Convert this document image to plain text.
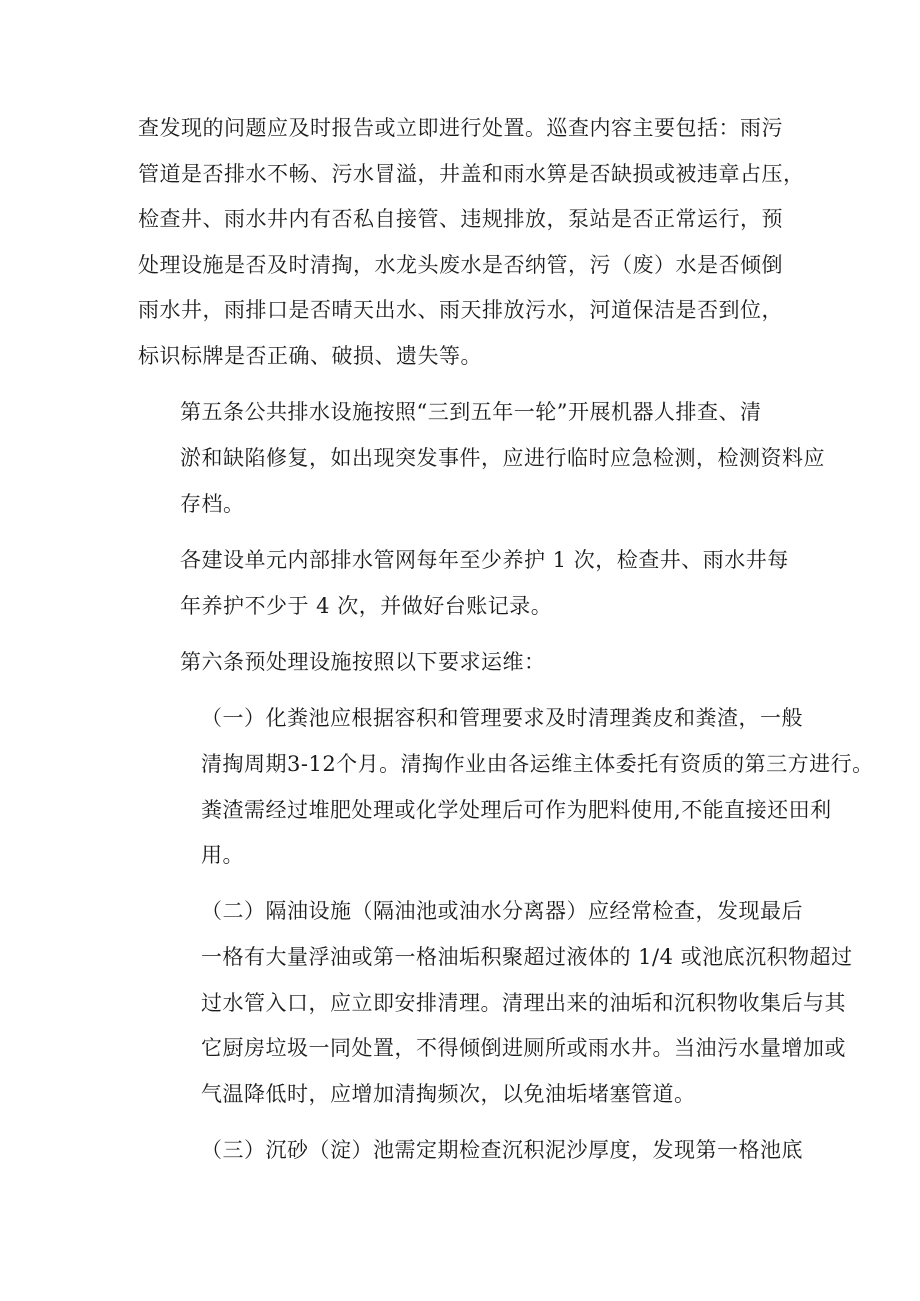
查发现的问题应及时报告或立即进行处置。巡查内容主要包括：雨污
管道是否排水不畅、污水冒溢，井盖和雨水箅是否缺损或被违章占压，
检查井、雨水井内有否私自接管、违规排放，泵站是否正常运行，预
处理设施是否及时清掏，水龙头废水是否纳管，污（废）水是否倾倒
雨水井，雨排口是否晴天出水、雨天排放污水，河道保洁是否到位，
标识标牌是否正确、破损、遗失等。
第五条公共排水设施按照“三到五年一轮”开展机器人排查、清
淤和缺陷修复，如出现突发事件，应进行临时应急检测，检测资料应
存档。
各建设单元内部排水管网每年至少养护 1 次，检查井、雨水井每
年养护不少于 4 次，并做好台账记录。
第六条预处理设施按照以下要求运维：
（一）化粪池应根据容积和管理要求及时清理粪皮和粪渣，一般
清掏周期3-12个月。清掏作业由各运维主体委托有资质的第三方进行。
粪渣需经过堆肥处理或化学处理后可作为肥料使用,不能直接还田利
用。
（二）隔油设施（隔油池或油水分离器）应经常检查，发现最后
一格有大量浮油或第一格油垢积聚超过液体的 1/4 或池底沉积物超过
过水管入口，应立即安排清理。清理出来的油垢和沉积物收集后与其
它厨房垃圾一同处置，不得倾倒进厕所或雨水井。当油污水量增加或
气温降低时，应增加清掏频次，以免油垢堵塞管道。
（三）沉砂（淀）池需定期检查沉积泥沙厚度，发现第一格池底
